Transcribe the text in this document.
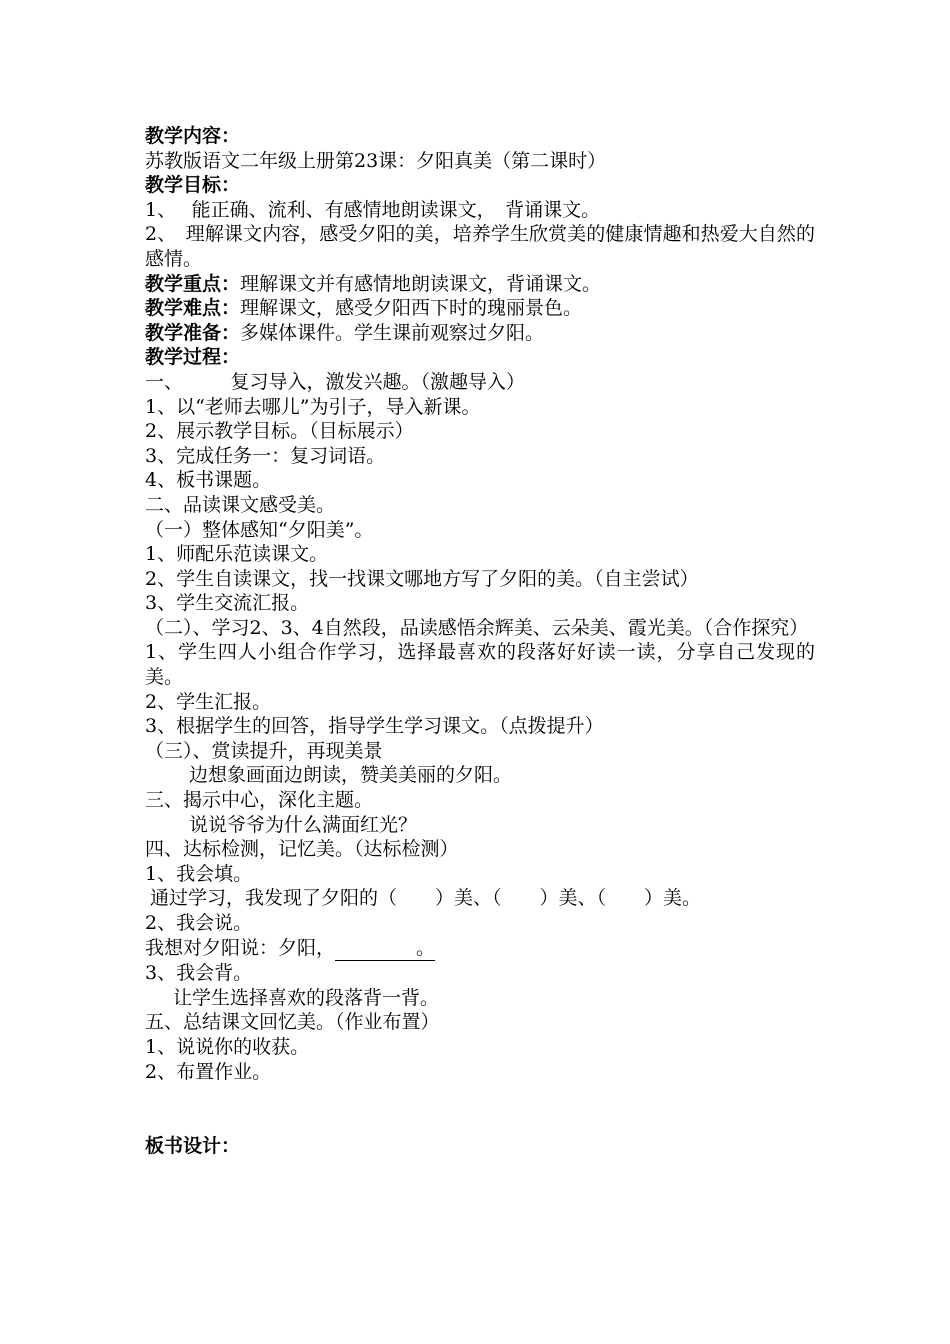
教学内容：

苏教版语文二年级上册第23课：夕阳真美（第二课时）

教学目标：

1、　 能正确、流利、有感情地朗读课文，　背诵课文。

2、　理解课文内容，感受夕阳的美，培养学生欣赏美的健康情趣和热爱大自然的感情。

教学重点：理解课文并有感情地朗读课文，背诵课文。

教学难点：理解课文，感受夕阳西下时的瑰丽景色。

教学准备：多媒体课件。学生课前观察过夕阳。

教学过程：

一、　　　复习导入，激发兴趣。（激趣导入）

1、以“老师去哪儿”为引子，导入新课。

2、展示教学目标。（目标展示）

3、完成任务一：复习词语。

4、板书课题。

二、品读课文感受美。

（一）整体感知“夕阳美”。

1、师配乐范读课文。

2、学生自读课文，找一找课文哪地方写了夕阳的美。（自主尝试）

3、学生交流汇报。

（二）、学习2、3、4自然段，品读感悟余辉美、云朵美、霞光美。（合作探究）

1、学生四人小组合作学习，选择最喜欢的段落好好读一读，分享自己发现的美。

2、学生汇报。

3、根据学生的回答，指导学生学习课文。（点拨提升）

（三）、赏读提升，再现美景

边想象画面边朗读，赞美美丽的夕阳。

三、揭示中心，深化主题。

说说爷爷为什么满面红光？

四、达标检测，记忆美。（达标检测）

1、我会填。

通过学习，我发现了夕阳的（　　）美、（　　）美、（　　）美。

2、我会说。

我想对夕阳说：夕阳，	。

3、我会背。

让学生选择喜欢的段落背一背。

五、总结课文回忆美。（作业布置）

1、说说你的收获。

2、布置作业。

板书设计：
